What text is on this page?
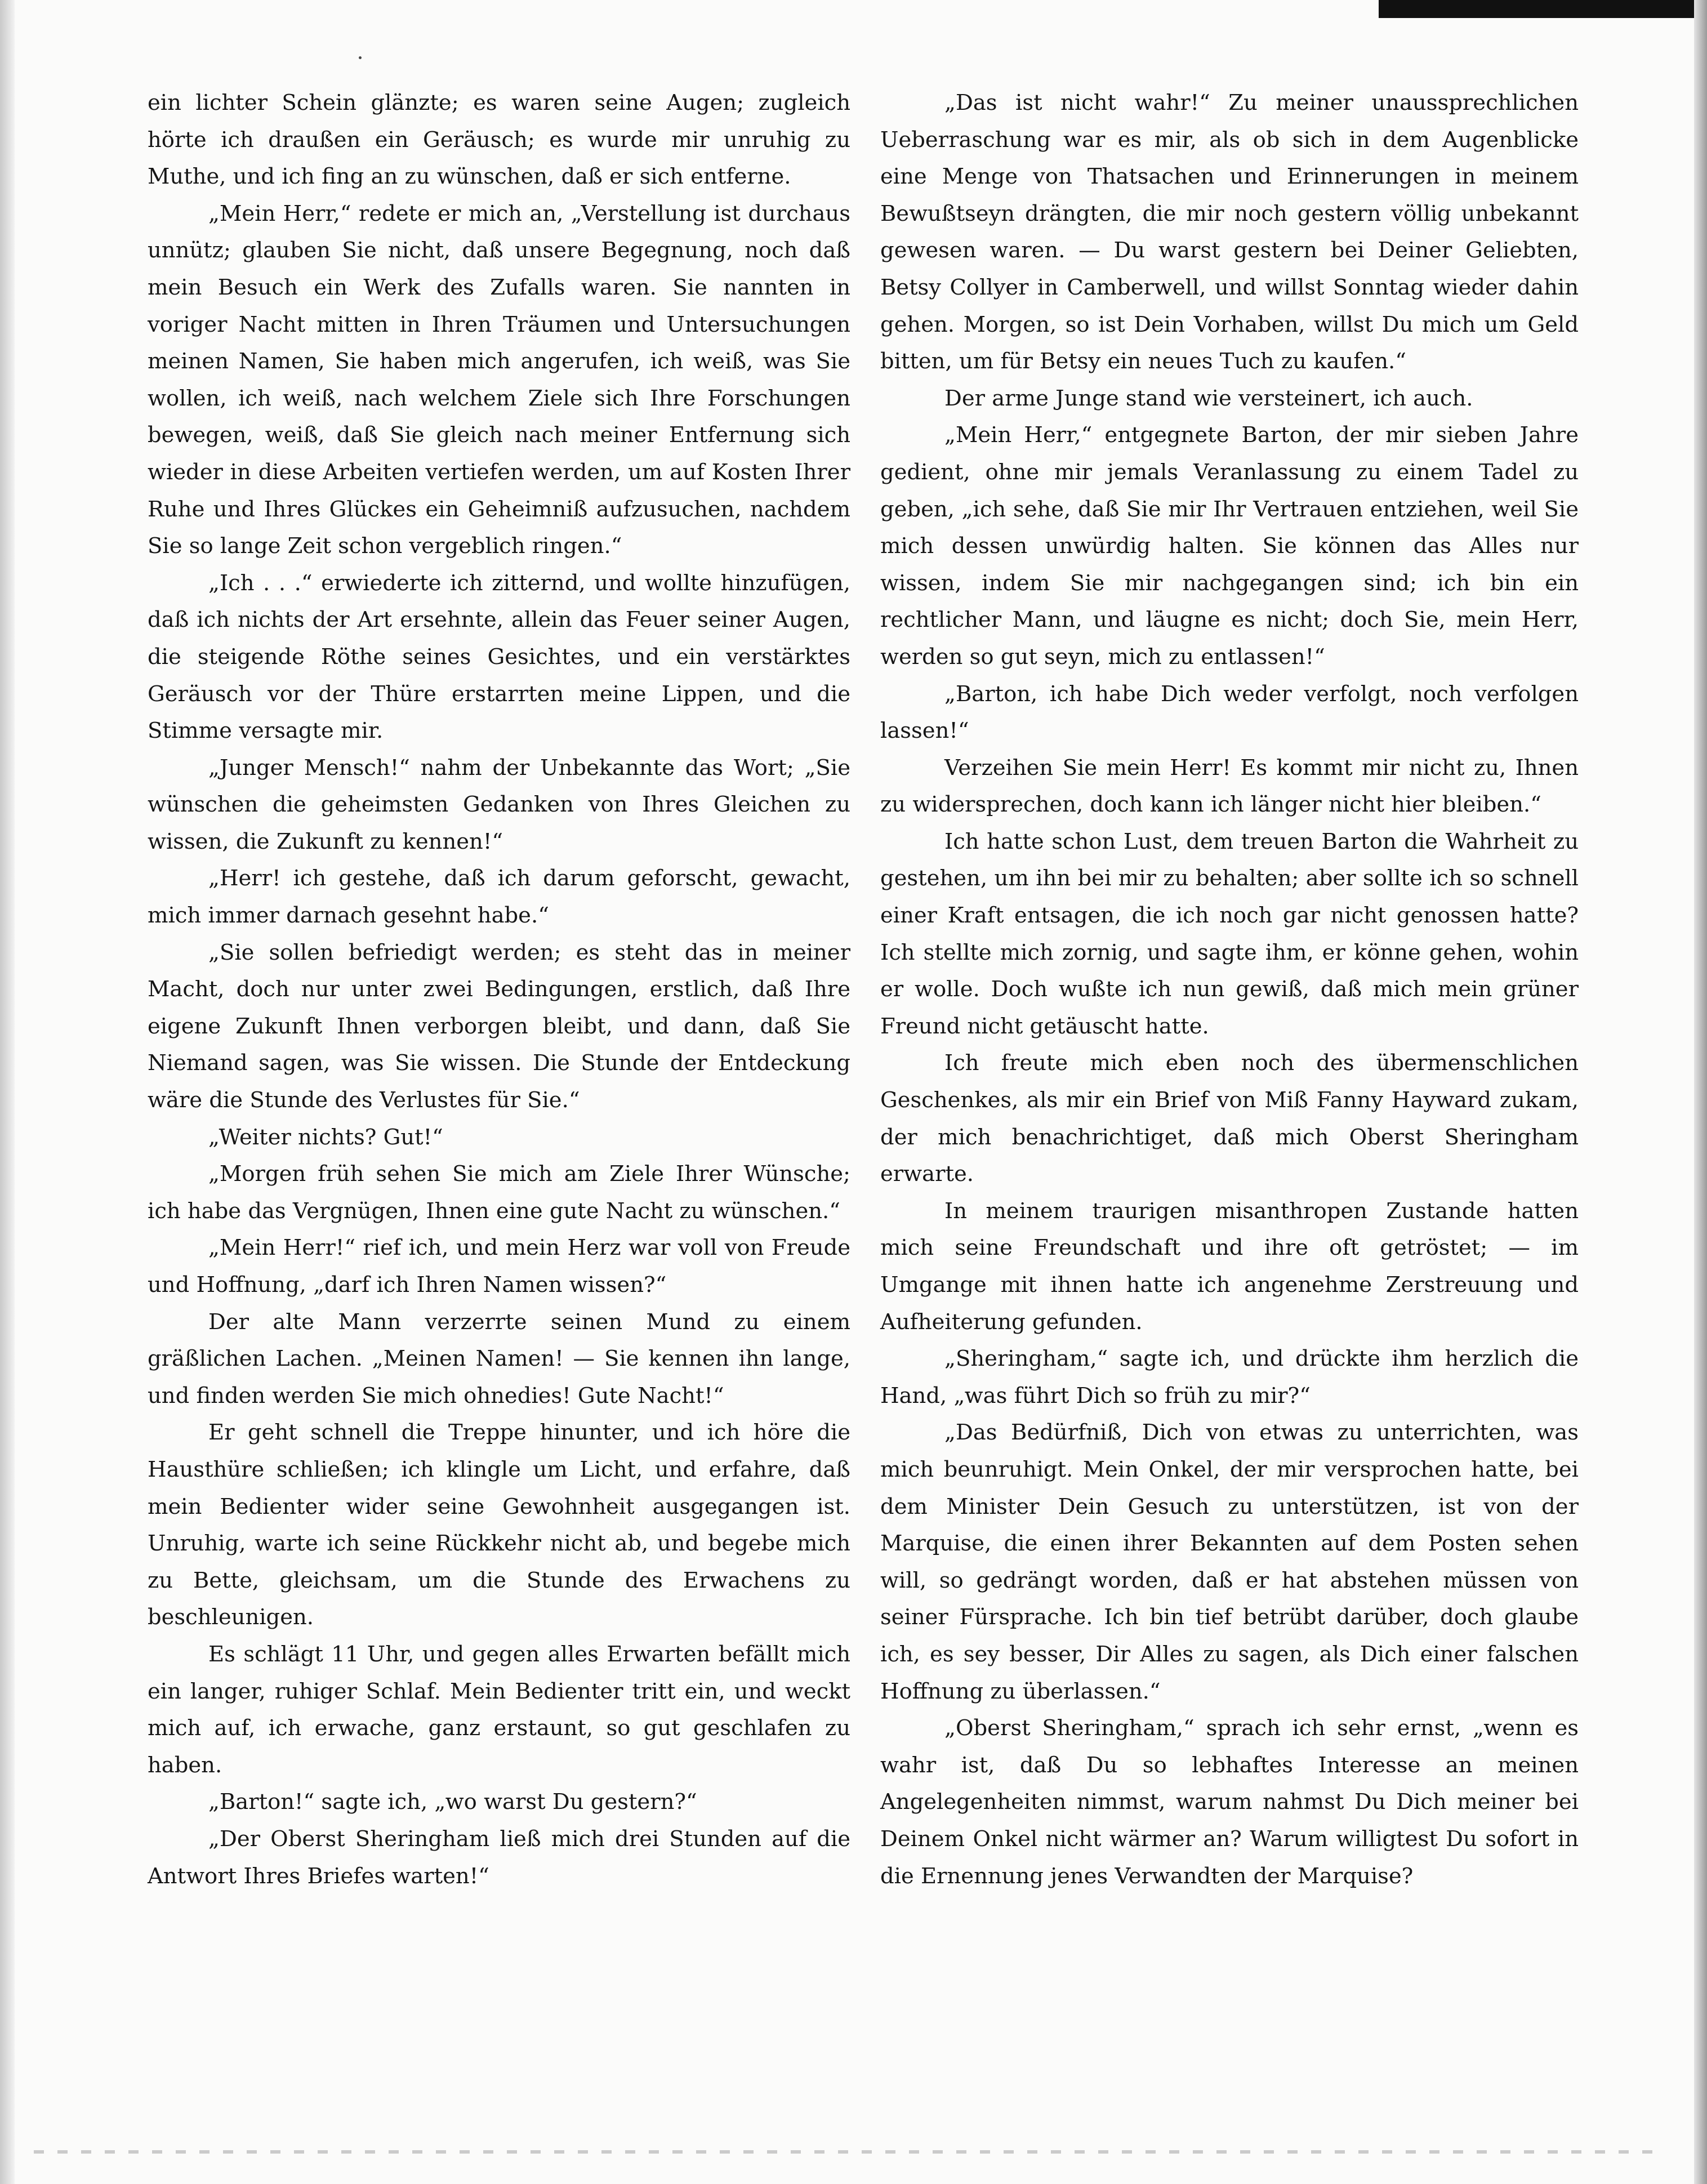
ein lichter Schein glänzte; es waren seine Augen; zugleich hörte ich draußen ein Geräusch; es wurde mir unruhig zu Muthe, und ich fing an zu wünschen, daß er sich entferne.

„Mein Herr,“ redete er mich an, „Verstellung ist durchaus unnütz; glauben Sie nicht, daß unsere Begegnung, noch daß mein Besuch ein Werk des Zufalls waren. Sie nannten in voriger Nacht mitten in Ihren Träumen und Untersuchungen meinen Namen, Sie haben mich angerufen, ich weiß, was Sie wollen, ich weiß, nach welchem Ziele sich Ihre Forschungen bewegen, weiß, daß Sie gleich nach meiner Entfernung sich wieder in diese Arbeiten vertiefen werden, um auf Kosten Ihrer Ruhe und Ihres Glückes ein Geheimniß aufzusuchen, nachdem Sie so lange Zeit schon vergeblich ringen.“

„Ich . . .“ erwiederte ich zitternd, und wollte hinzufügen, daß ich nichts der Art ersehnte, allein das Feuer seiner Augen, die steigende Röthe seines Gesichtes, und ein verstärktes Geräusch vor der Thüre erstarrten meine Lippen, und die Stimme versagte mir.

„Junger Mensch!“ nahm der Unbekannte das Wort; „Sie wünschen die geheimsten Gedanken von Ihres Gleichen zu wissen, die Zukunft zu kennen!“

„Herr! ich gestehe, daß ich darum geforscht, gewacht, mich immer darnach gesehnt habe.“

„Sie sollen befriedigt werden; es steht das in meiner Macht, doch nur unter zwei Bedingungen, erstlich, daß Ihre eigene Zukunft Ihnen verborgen bleibt, und dann, daß Sie Niemand sagen, was Sie wissen. Die Stunde der Entdeckung wäre die Stunde des Verlustes für Sie.“

„Weiter nichts? Gut!“

„Morgen früh sehen Sie mich am Ziele Ihrer Wünsche; ich habe das Vergnügen, Ihnen eine gute Nacht zu wünschen.“

„Mein Herr!“ rief ich, und mein Herz war voll von Freude und Hoffnung, „darf ich Ihren Namen wissen?“

Der alte Mann verzerrte seinen Mund zu einem gräßlichen Lachen. „Meinen Namen! — Sie kennen ihn lange, und finden werden Sie mich ohnedies! Gute Nacht!“

Er geht schnell die Treppe hinunter, und ich höre die Hausthüre schließen; ich klingle um Licht, und erfahre, daß mein Bedienter wider seine Gewohnheit ausgegangen ist. Unruhig, warte ich seine Rückkehr nicht ab, und begebe mich zu Bette, gleichsam, um die Stunde des Erwachens zu beschleunigen.

Es schlägt 11 Uhr, und gegen alles Erwarten befällt mich ein langer, ruhiger Schlaf. Mein Bedienter tritt ein, und weckt mich auf, ich erwache, ganz erstaunt, so gut geschlafen zu haben.

„Barton!“ sagte ich, „wo warst Du gestern?“

„Der Oberst Sheringham ließ mich drei Stunden auf die Antwort Ihres Briefes warten!“

„Das ist nicht wahr!“ Zu meiner unaussprechlichen Ueberraschung war es mir, als ob sich in dem Augenblicke eine Menge von Thatsachen und Erinnerungen in meinem Bewußtseyn drängten, die mir noch gestern völlig unbekannt gewesen waren. — Du warst gestern bei Deiner Geliebten, Betsy Collyer in Camberwell, und willst Sonntag wieder dahin gehen. Morgen, so ist Dein Vorhaben, willst Du mich um Geld bitten, um für Betsy ein neues Tuch zu kaufen.“

Der arme Junge stand wie versteinert, ich auch.

„Mein Herr,“ entgegnete Barton, der mir sieben Jahre gedient, ohne mir jemals Veranlassung zu einem Tadel zu geben, „ich sehe, daß Sie mir Ihr Vertrauen entziehen, weil Sie mich dessen unwürdig halten. Sie können das Alles nur wissen, indem Sie mir nachgegangen sind; ich bin ein rechtlicher Mann, und läugne es nicht; doch Sie, mein Herr, werden so gut seyn, mich zu entlassen!“

„Barton, ich habe Dich weder verfolgt, noch verfolgen lassen!“

Verzeihen Sie mein Herr! Es kommt mir nicht zu, Ihnen zu widersprechen, doch kann ich länger nicht hier bleiben.“

Ich hatte schon Lust, dem treuen Barton die Wahrheit zu gestehen, um ihn bei mir zu behalten; aber sollte ich so schnell einer Kraft entsagen, die ich noch gar nicht genossen hatte? Ich stellte mich zornig, und sagte ihm, er könne gehen, wohin er wolle. Doch wußte ich nun gewiß, daß mich mein grüner Freund nicht getäuscht hatte.

Ich freute mich eben noch des übermenschlichen Geschenkes, als mir ein Brief von Miß Fanny Hayward zukam, der mich benachrichtiget, daß mich Oberst Sheringham erwarte.

In meinem traurigen misanthropen Zustande hatten mich seine Freundschaft und ihre oft getröstet; — im Umgange mit ihnen hatte ich angenehme Zerstreuung und Aufheiterung gefunden.

„Sheringham,“ sagte ich, und drückte ihm herzlich die Hand, „was führt Dich so früh zu mir?“

„Das Bedürfniß, Dich von etwas zu unterrichten, was mich beunruhigt. Mein Onkel, der mir versprochen hatte, bei dem Minister Dein Gesuch zu unterstützen, ist von der Marquise, die einen ihrer Bekannten auf dem Posten sehen will, so gedrängt worden, daß er hat abstehen müssen von seiner Fürsprache. Ich bin tief betrübt darüber, doch glaube ich, es sey besser, Dir Alles zu sagen, als Dich einer falschen Hoffnung zu überlassen.“

„Oberst Sheringham,“ sprach ich sehr ernst, „wenn es wahr ist, daß Du so lebhaftes Interesse an meinen Angelegenheiten nimmst, warum nahmst Du Dich meiner bei Deinem Onkel nicht wärmer an? Warum willigtest Du sofort in die Ernennung jenes Verwandten der Marquise?
